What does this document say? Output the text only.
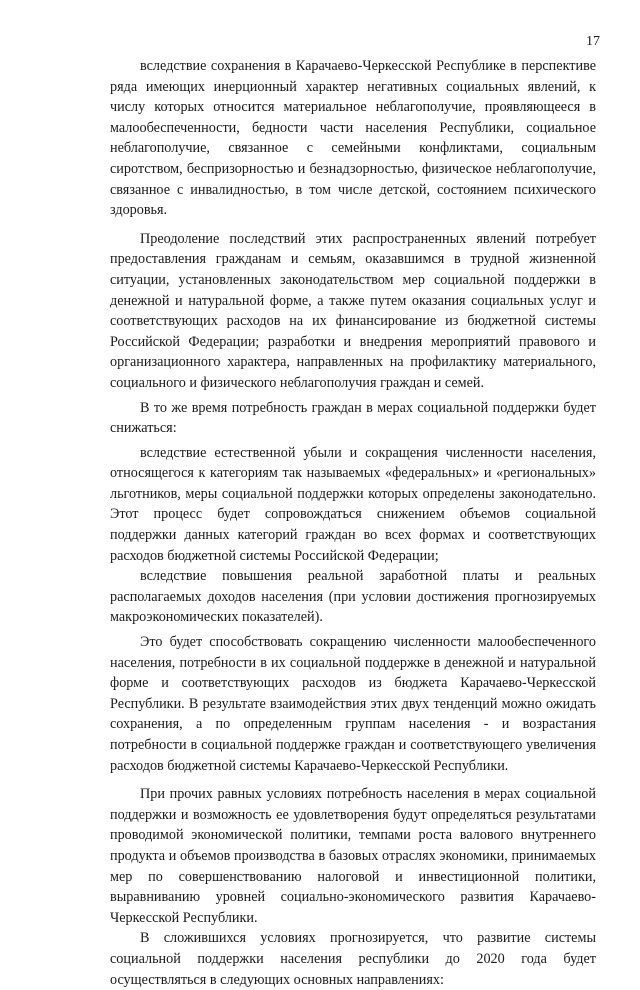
17

вследствие сохранения в Карачаево-Черкесской Республике в перспективе ряда имеющих инерционный характер негативных социальных явлений, к числу которых относится материальное неблагополучие, проявляющееся в малообеспеченности, бедности части населения Республики, социальное неблагополучие, связанное с семейными конфликтами, социальным сиротством, беспризорностью и безнадзорностью, физическое неблагополучие, связанное с инвалидностью, в том числе детской, состоянием психического здоровья.

Преодоление последствий этих распространенных явлений потребует предоставления гражданам и семьям, оказавшимся в трудной жизненной ситуации, установленных законодательством мер социальной поддержки в денежной и натуральной форме, а также путем оказания социальных услуг и соответствующих расходов на их финансирование из бюджетной системы Российской Федерации; разработки и внедрения мероприятий правового и организационного характера, направленных на профилактику материального, социального и физического неблагополучия граждан и семей.

В то же время потребность граждан в мерах социальной поддержки будет снижаться:

вследствие естественной убыли и сокращения численности населения, относящегося к категориям так называемых «федеральных» и «региональных» льготников, меры социальной поддержки которых определены законодательно. Этот процесс будет сопровождаться снижением объемов социальной поддержки данных категорий граждан во всех формах и соответствующих расходов бюджетной системы Российской Федерации;

вследствие повышения реальной заработной платы и реальных располагаемых доходов населения (при условии достижения прогнозируемых макроэкономических показателей).

Это будет способствовать сокращению численности малообеспеченного населения, потребности в их социальной поддержке в денежной и натуральной форме и соответствующих расходов из бюджета Карачаево-Черкесской Республики. В результате взаимодействия этих двух тенденций можно ожидать сохранения, а по определенным группам населения - и возрастания потребности в социальной поддержке граждан и соответствующего увеличения расходов бюджетной системы Карачаево-Черкесской Республики.

При прочих равных условиях потребность населения в мерах социальной поддержки и возможность ее удовлетворения будут определяться результатами проводимой экономической политики, темпами роста валового внутреннего продукта и объемов производства в базовых отраслях экономики, принимаемых мер по совершенствованию налоговой и инвестиционной политики, выравниванию уровней социально-экономического развития Карачаево-Черкесской Республики.

В сложившихся условиях прогнозируется, что развитие системы социальной поддержки населения республики до 2020 года будет осуществляться в следующих основных направлениях:
